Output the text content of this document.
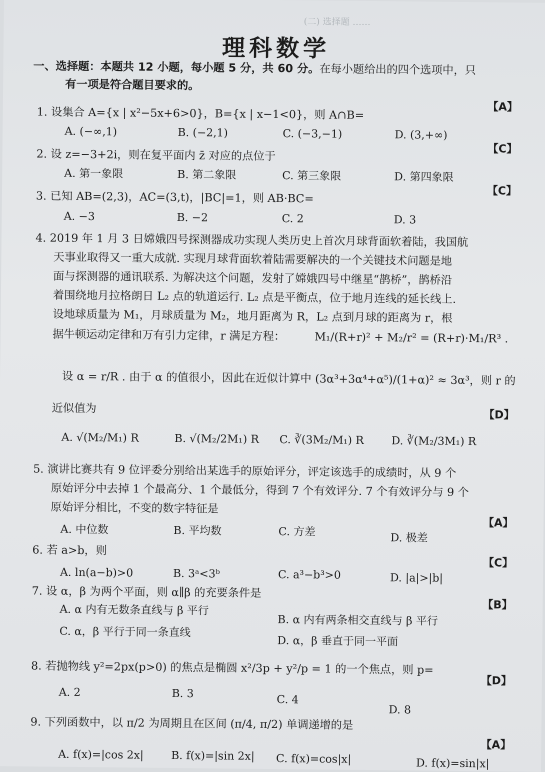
(二) 选择题 ……
理科数学
一、选择题：本题共 12 小题，每小题 5 分，共 60 分。在每小题给出的四个选项中，只
有一项是符合题目要求的。
【A】
1. 设集合 A={x | x²−5x+6>0}，B={x | x−1<0}，则 A∩B=
A. (−∞,1)	B. (−2,1)	C. (−3,−1)	D. (3,+∞)
【C】
2. 设 z=−3+2i，则在复平面内 z̄ 对应的点位于
A. 第一象限	B. 第二象限	C. 第三象限	D. 第四象限
【C】
3. 已知 AB=(2,3)，AC=(3,t)，|BC|=1，则 AB·BC=
A. −3	B. −2	C. 2	D. 3
4. 2019 年 1 月 3 日嫦娥四号探测器成功实现人类历史上首次月球背面软着陆，我国航
天事业取得又一重大成就. 实现月球背面软着陆需要解决的一个关键技术问题是地
面与探测器的通讯联系. 为解决这个问题，发射了嫦娥四号中继星“鹊桥”，鹊桥沿
着围绕地月拉格朗日 L₂ 点的轨道运行. L₂ 点是平衡点，位于地月连线的延长线上.
设地球质量为 M₁，月球质量为 M₂，地月距离为 R，L₂ 点到月球的距离为 r，根
据牛顿运动定律和万有引力定律，r 满足方程：	M₁/(R+r)² + M₂/r² = (R+r)·M₁/R³ .
设 α = r/R . 由于 α 的值很小，因此在近似计算中 (3α³+3α⁴+α⁵)/(1+α)² ≈ 3α³，则 r 的
近似值为	【D】
A. √(M₂/M₁) R	B. √(M₂/2M₁) R C. ∛(3M₂/M₁) R D. ∛(M₂/3M₁) R
5. 演讲比赛共有 9 位评委分别给出某选手的原始评分，评定该选手的成绩时，从 9 个
原始评分中去掉 1 个最高分、1 个最低分，得到 7 个有效评分. 7 个有效评分与 9 个
原始评分相比，不变的数字特征是
【A】
A. 中位数	B. 平均数	C. 方差	D. 极差
6. 若 a>b，则
【C】
A. ln(a−b)>0	B. 3ᵃ<3ᵇ	C. a³−b³>0	D. |a|>|b|
7. 设 α，β 为两个平面，则 α∥β 的充要条件是
【B】
A. α 内有无数条直线与 β 平行
B. α 内有两条相交直线与 β 平行
C. α，β 平行于同一条直线
D. α，β 垂直于同一平面
8. 若抛物线 y²=2px(p>0) 的焦点是椭圆 x²/3p + y²/p = 1 的一个焦点，则 p=
【D】
A. 2	B. 3	C. 4
D. 8
9. 下列函数中，以 π/2 为周期且在区间 (π/4, π/2) 单调递增的是
【A】
A. f(x)=|cos 2x| B. f(x)=|sin 2x| C. f(x)=cos|x|	D. f(x)=sin|x|
